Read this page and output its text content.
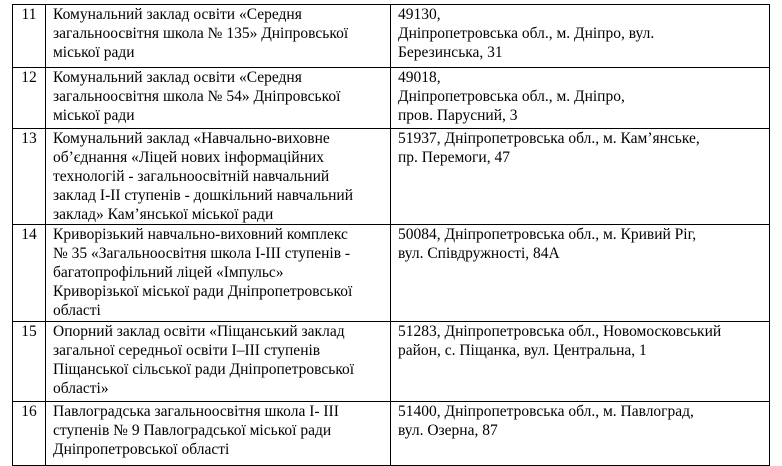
11	Комунальний заклад освіти «Середня
загальноосвітня школа № 135» Дніпровської
міської ради	49130,
Дніпропетровська обл., м. Дніпро, вул.
Березинська, 31

12	Комунальний заклад освіти «Середня
загальноосвітня школа № 54» Дніпровської
міської ради	49018,
Дніпропетровська обл., м. Дніпро,
пров. Парусний, 3

13	Комунальний заклад «Навчально-виховне
об’єднання «Ліцей нових інформаційних
технологій - загальноосвітній навчальний
заклад І-ІІ ступенів - дошкільний навчальний
заклад» Кам’янської міської ради	51937, Дніпропетровська обл., м. Кам’янське,
пр. Перемоги, 47

14	Криворізький навчально-виховний комплекс
№ 35 «Загальноосвітня школа І-ІІІ ступенів -
багатопрофільний ліцей «Імпульс»
Криворізької міської ради Дніпропетровської
області	50084, Дніпропетровська обл., м. Кривий Ріг,
вул. Співдружності, 84А

15	Опорний заклад освіти «Піщанський заклад
загальної середньої освіти І–ІІІ ступенів
Піщанської сільської ради Дніпропетровської
області»	51283, Дніпропетровська обл., Новомосковський
район, с. Піщанка, вул. Центральна, 1

16	Павлоградська загальноосвітня школа І- ІІІ
ступенів № 9 Павлоградської міської ради
Дніпропетровської області	51400, Дніпропетровська обл., м. Павлоград,
вул. Озерна, 87
